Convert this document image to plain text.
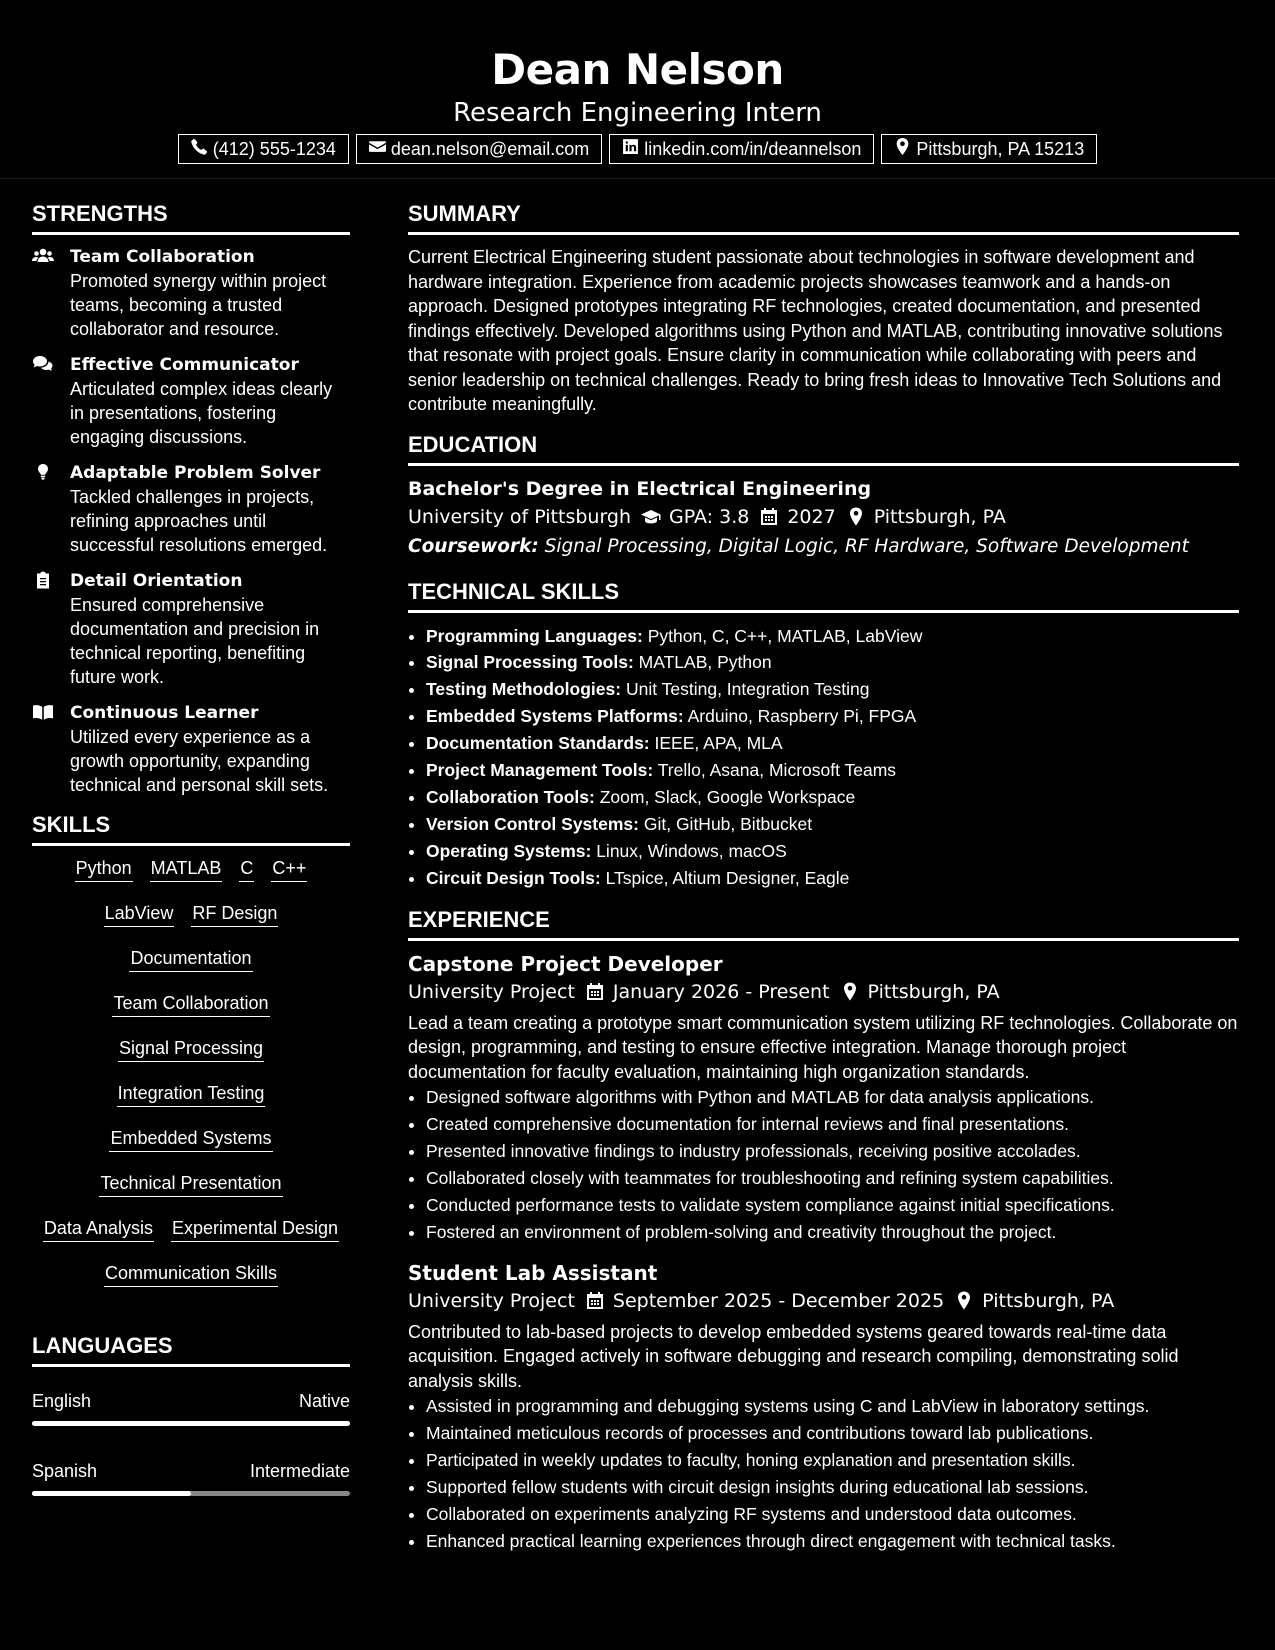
Dean Nelson
Research Engineering Intern
(412) 555-1234	dean.nelson@email.com	linkedin.com/in/deannelson	Pittsburgh, PA 15213
STRENGTHS
Team Collaboration
Promoted synergy within project teams, becoming a trusted collaborator and resource.
Effective Communicator
Articulated complex ideas clearly in presentations, fostering engaging discussions.
Adaptable Problem Solver
Tackled challenges in projects, refining approaches until successful resolutions emerged.
Detail Orientation
Ensured comprehensive documentation and precision in technical reporting, benefiting future work.
Continuous Learner
Utilized every experience as a growth opportunity, expanding technical and personal skill sets.
SKILLS
Python MATLAB C C++
LabView RF Design
Documentation
Team Collaboration
Signal Processing
Integration Testing
Embedded Systems
Technical Presentation
Data Analysis Experimental Design
Communication Skills
LANGUAGES
English	Native
Spanish	Intermediate
SUMMARY

Current Electrical Engineering student passionate about technologies in software development and hardware integration. Experience from academic projects showcases teamwork and a hands-on approach. Designed prototypes integrating RF technologies, created documentation, and presented findings effectively. Developed algorithms using Python and MATLAB, contributing innovative solutions that resonate with project goals. Ensure clarity in communication while collaborating with peers and senior leadership on technical challenges. Ready to bring fresh ideas to Innovative Tech Solutions and contribute meaningfully.

EDUCATION
Bachelor's Degree in Electrical Engineering
University of Pittsburgh GPA: 3.8 2027 Pittsburgh, PA
Coursework: Signal Processing, Digital Logic, RF Hardware, Software Development
TECHNICAL SKILLS
• Programming Languages: Python, C, C++, MATLAB, LabView
• Signal Processing Tools: MATLAB, Python
• Testing Methodologies: Unit Testing, Integration Testing
• Embedded Systems Platforms: Arduino, Raspberry Pi, FPGA
• Documentation Standards: IEEE, APA, MLA
• Project Management Tools: Trello, Asana, Microsoft Teams
• Collaboration Tools: Zoom, Slack, Google Workspace
• Version Control Systems: Git, GitHub, Bitbucket
• Operating Systems: Linux, Windows, macOS
• Circuit Design Tools: LTspice, Altium Designer, Eagle
EXPERIENCE
Capstone Project Developer
University Project January 2026 - Present Pittsburgh, PA

Lead a team creating a prototype smart communication system utilizing RF technologies. Collaborate on design, programming, and testing to ensure effective integration. Manage thorough project documentation for faculty evaluation, maintaining high organization standards.

• Designed software algorithms with Python and MATLAB for data analysis applications.
• Created comprehensive documentation for internal reviews and final presentations.
• Presented innovative findings to industry professionals, receiving positive accolades.
• Collaborated closely with teammates for troubleshooting and refining system capabilities.
• Conducted performance tests to validate system compliance against initial specifications.
• Fostered an environment of problem-solving and creativity throughout the project.
Student Lab Assistant
University Project September 2025 - December 2025 Pittsburgh, PA

Contributed to lab-based projects to develop embedded systems geared towards real-time data acquisition. Engaged actively in software debugging and research compiling, demonstrating solid analysis skills.

• Assisted in programming and debugging systems using C and LabView in laboratory settings.
• Maintained meticulous records of processes and contributions toward lab publications.
• Participated in weekly updates to faculty, honing explanation and presentation skills.
• Supported fellow students with circuit design insights during educational lab sessions.
• Collaborated on experiments analyzing RF systems and understood data outcomes.
• Enhanced practical learning experiences through direct engagement with technical tasks.
